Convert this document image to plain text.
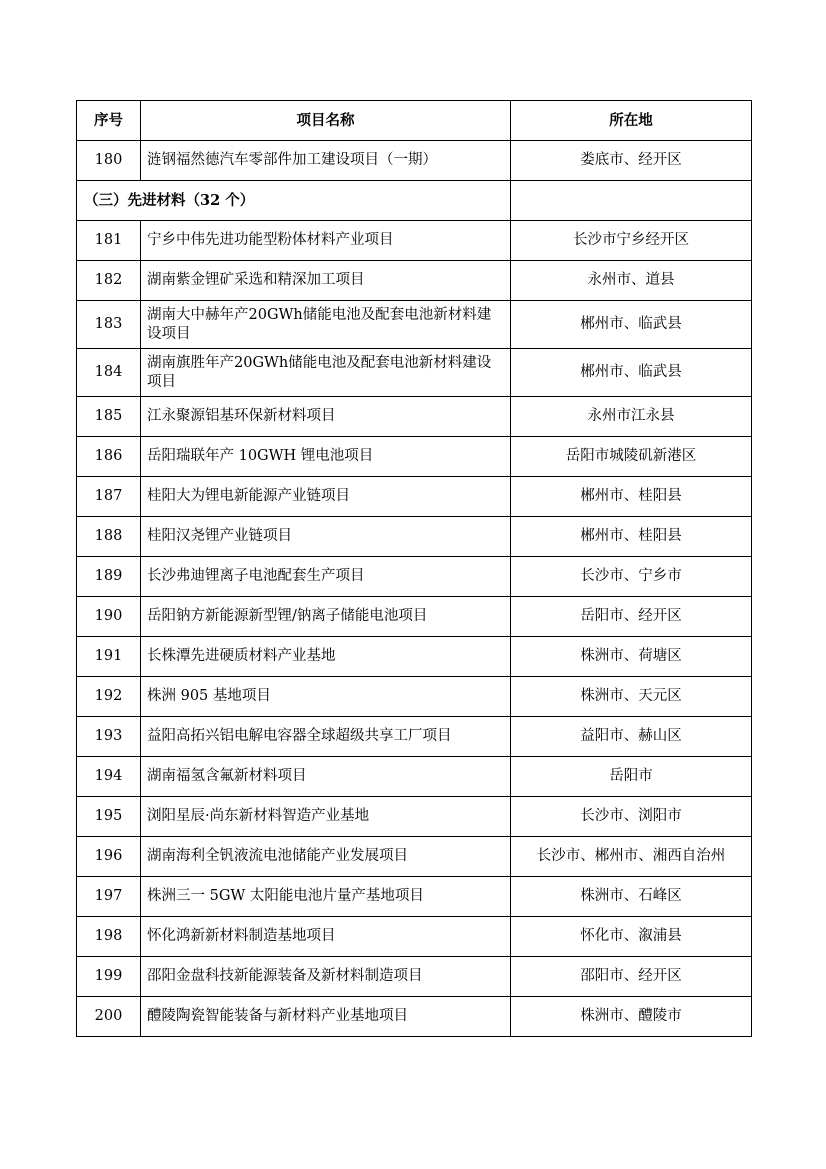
序号	项目名称	所在地
180	涟钢福然德汽车零部件加工建设项目（一期）	娄底市、经开区
（三）先进材料（32 个）		
181	宁乡中伟先进功能型粉体材料产业项目	长沙市宁乡经开区
182	湖南紫金锂矿采选和精深加工项目	永州市、道县
183	湖南大中赫年产20GWh储能电池及配套电池新材料建设项目	郴州市、临武县
184	湖南旗胜年产20GWh储能电池及配套电池新材料建设项目	郴州市、临武县
185	江永聚源铝基环保新材料项目	永州市江永县
186	岳阳瑞联年产 10GWH 锂电池项目	岳阳市城陵矶新港区
187	桂阳大为锂电新能源产业链项目	郴州市、桂阳县
188	桂阳汉尧锂产业链项目	郴州市、桂阳县
189	长沙弗迪锂离子电池配套生产项目	长沙市、宁乡市
190	岳阳钠方新能源新型锂/钠离子储能电池项目	岳阳市、经开区
191	长株潭先进硬质材料产业基地	株洲市、荷塘区
192	株洲 905 基地项目	株洲市、天元区
193	益阳高拓兴铝电解电容器全球超级共享工厂项目	益阳市、赫山区
194	湖南福氢含氟新材料项目	岳阳市
195	浏阳星辰·尚东新材料智造产业基地	长沙市、浏阳市
196	湖南海利全钒液流电池储能产业发展项目	长沙市、郴州市、湘西自治州
197	株洲三一 5GW 太阳能电池片量产基地项目	株洲市、石峰区
198	怀化鸿新新材料制造基地项目	怀化市、溆浦县
199	邵阳金盘科技新能源装备及新材料制造项目	邵阳市、经开区
200	醴陵陶瓷智能装备与新材料产业基地项目	株洲市、醴陵市
